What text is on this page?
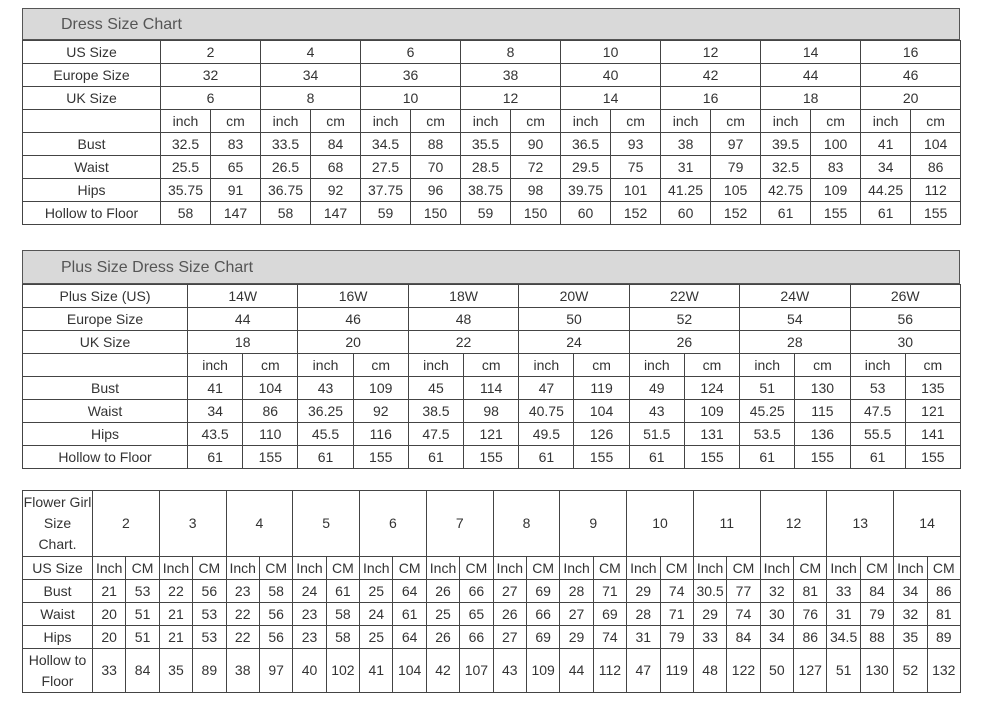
Dress Size Chart
US Size	2		4		6		8		10		12		14		16	
Europe Size	32		34		36		38		40		42		44		46	
UK Size	6		8		10		12		14		16		18		20	
	inch	cm	inch	cm	inch	cm	inch	cm	inch	cm	inch	cm	inch	cm	inch	cm
Bust	32.5	83	33.5	84	34.5	88	35.5	90	36.5	93	38	97	39.5	100	41	104
Waist	25.5	65	26.5	68	27.5	70	28.5	72	29.5	75	31	79	32.5	83	34	86
Hips	35.75	91	36.75	92	37.75	96	38.75	98	39.75	101	41.25	105	42.75	109	44.25	112
Hollow to Floor	58	147	58	147	59	150	59	150	60	152	60	152	61	155	61	155
Plus Size Dress Size Chart
Plus Size (US)	14W		16W		18W		20W		22W		24W		26W	
Europe Size	44		46		48		50		52		54		56	
UK Size	18		20		22		24		26		28		30	
	inch	cm	inch	cm	inch	cm	inch	cm	inch	cm	inch	cm	inch	cm
Bust	41	104	43	109	45	114	47	119	49	124	51	130	53	135
Waist	34	86	36.25	92	38.5	98	40.75	104	43	109	45.25	115	47.5	121
Hips	43.5	110	45.5	116	47.5	121	49.5	126	51.5	131	53.5	136	55.5	141
Hollow to Floor	61	155	61	155	61	155	61	155	61	155	61	155	61	155
Flower Girl Size Chart.	2		3		4		5		6		7		8		9		10		11		12		13		14	
US Size	Inch	CM	Inch	CM	Inch	CM	Inch	CM	Inch	CM	Inch	CM	Inch	CM	Inch	CM	Inch	CM	Inch	CM	Inch	CM	Inch	CM	Inch	CM
Bust	21	53	22	56	23	58	24	61	25	64	26	66	27	69	28	71	29	74	30.5	77	32	81	33	84	34	86
Waist	20	51	21	53	22	56	23	58	24	61	25	65	26	66	27	69	28	71	29	74	30	76	31	79	32	81
Hips	20	51	21	53	22	56	23	58	25	64	26	66	27	69	29	74	31	79	33	84	34	86	34.5	88	35	89
Hollow to Floor	33	84	35	89	38	97	40	102	41	104	42	107	43	109	44	112	47	119	48	122	50	127	51	130	52	132
